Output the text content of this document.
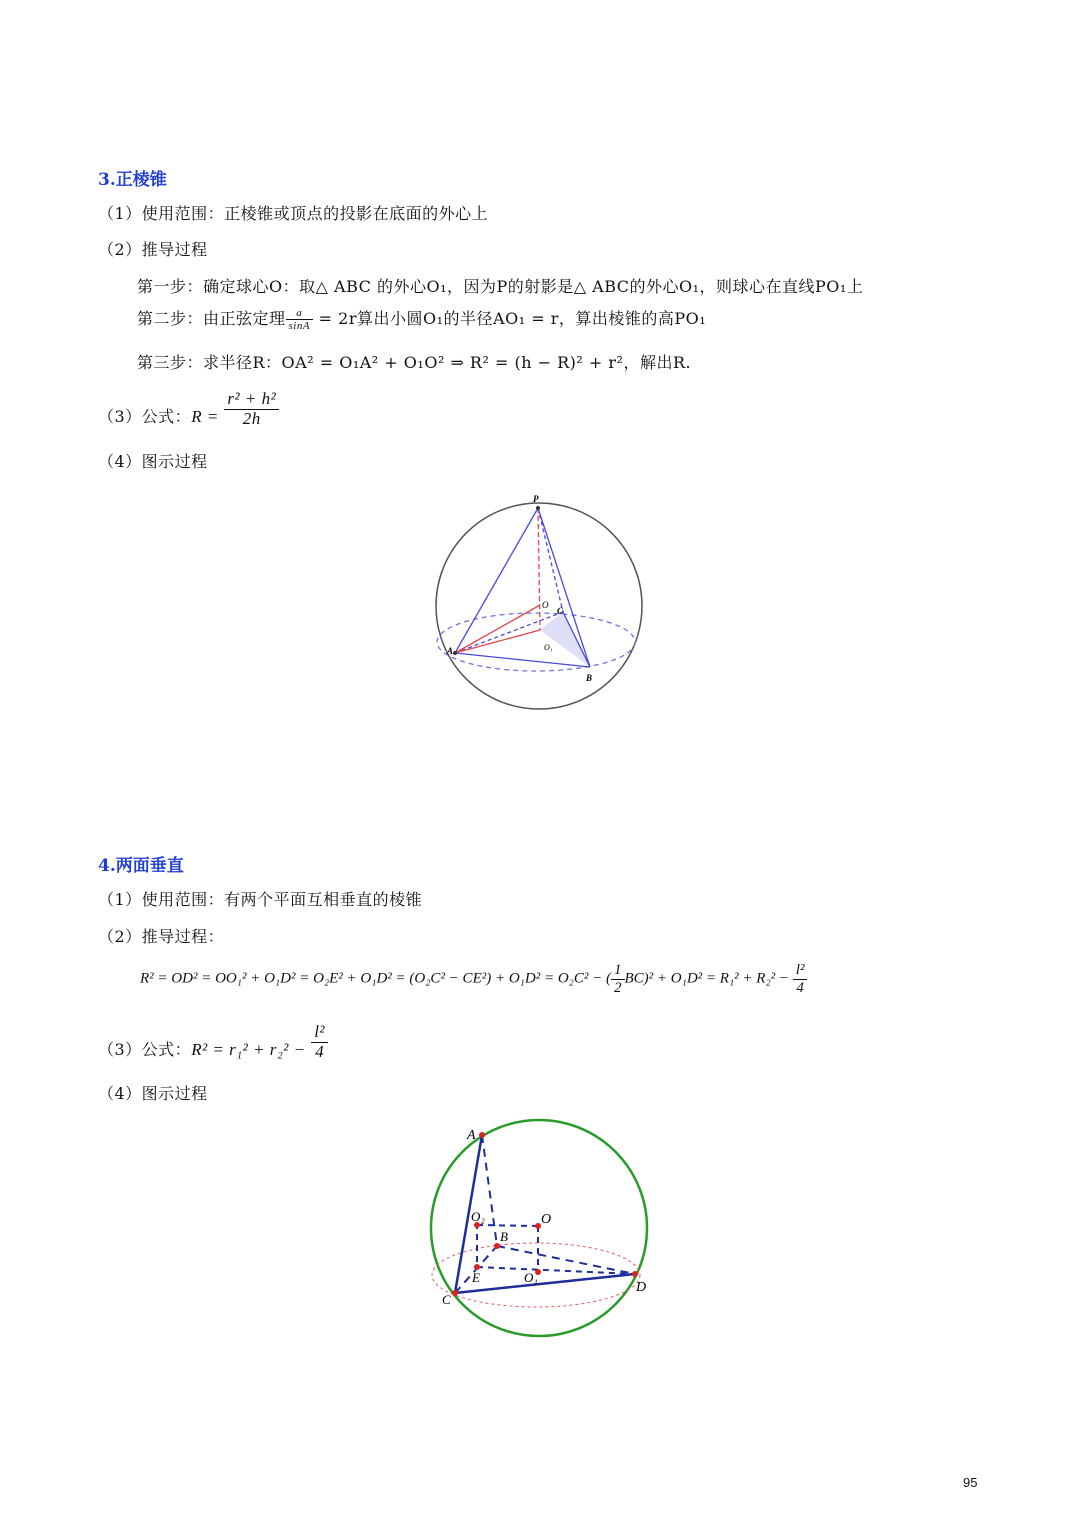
3.正棱锥
（1）使用范围：正棱锥或顶点的投影在底面的外心上
（2）推导过程
第一步：确定球心O：取△ ABC 的外心O₁，因为P的射影是△ ABC的外心O₁，则球心在直线PO₁上
第二步：由正弦定理 $\frac{a}{\sin A} = 2r$算出小圆O₁的半径AO₁ = r，算出棱锥的高PO₁
第三步：求半径R：OA² = O₁A² + O₁O² ⇒ R² = (h − R)² + r²，解出R.
（3）公式：$R = \frac{\text{r² + h²}}{2h}$
（4）图示过程
P
O
C
A	O₁
B
4.两面垂直
（1）使用范围：有两个平面互相垂直的棱锥
（2）推导过程：
R² = OD² = OO₁² + O₁D² = O₂E² + O₁D² = (O₂C² − CE²) + O₁D² = O₂C² − ( $\frac{1}{2} BC)^2 + O_1D^2 = R_1^2 + R_2^2 - \frac{\text{l²}}{4}$
（3）公式：$R^2 = r_1^2 + r_2^2 - \frac{\text{l²}}{4}$
（4）图示过程
A
O₂	O
B
E	O₁
C
D
95
